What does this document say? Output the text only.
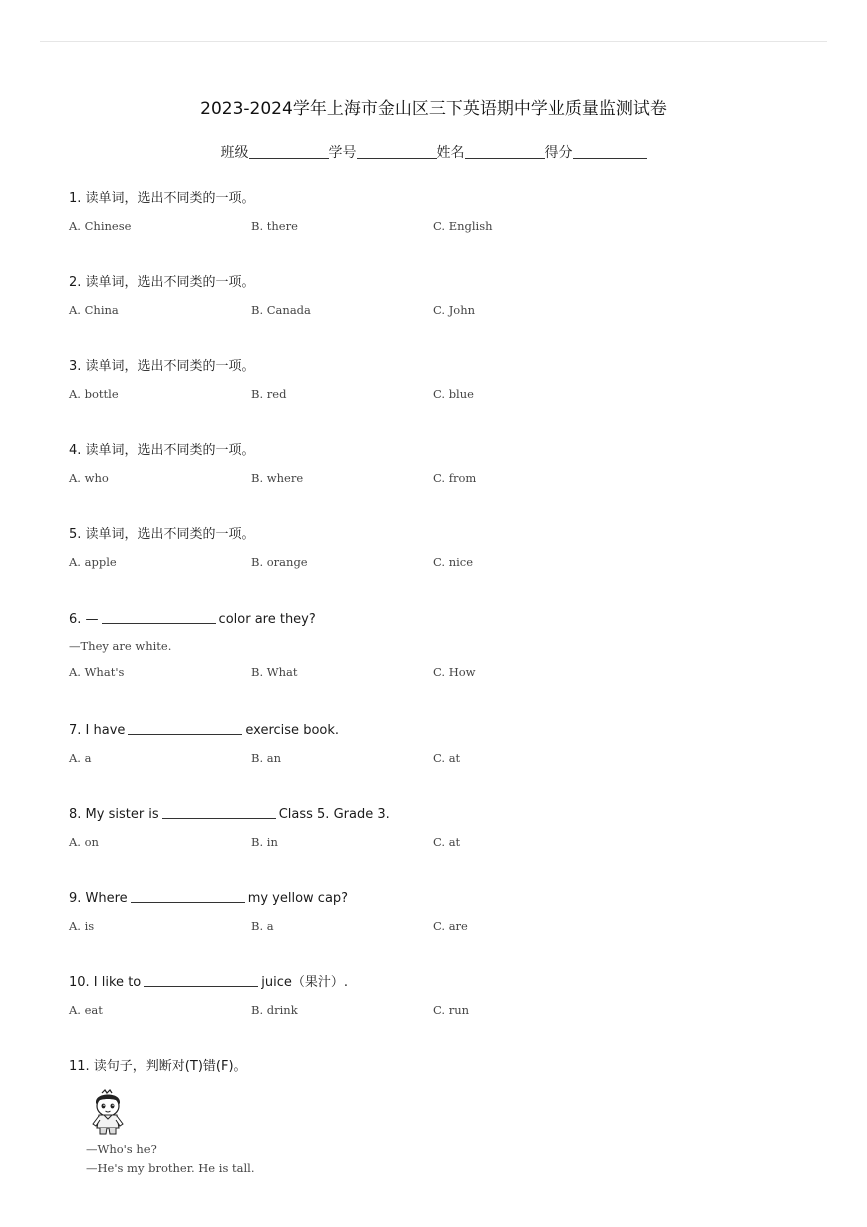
2023-2024学年上海市金山区三下英语期中学业质量监测试卷
班级	学号	姓名	得分
1. 读单词，选出不同类的一项。
A. Chinese	B. there	C. English
2. 读单词，选出不同类的一项。
A. China	B. Canada	C. John
3. 读单词，选出不同类的一项。
A. bottle	B. red	C. blue
4. 读单词，选出不同类的一项。
A. who	B. where	C. from
5. 读单词，选出不同类的一项。
A. apple	B. orange	C. nice
6. —	color are they?
—They are white.
A. What's	B. What	C. How
7. I have	exercise book.
A. a	B. an	C. at
8. My sister is	Class 5. Grade 3.
A. on	B. in	C. at
9. Where	my yellow cap?
A. is	B. a	C. are
10. I like to	juice（果汁）.
A. eat	B. drink	C. run
11. 读句子，判断对(T)错(F)。
—Who's he?
—He's my brother. He is tall.
